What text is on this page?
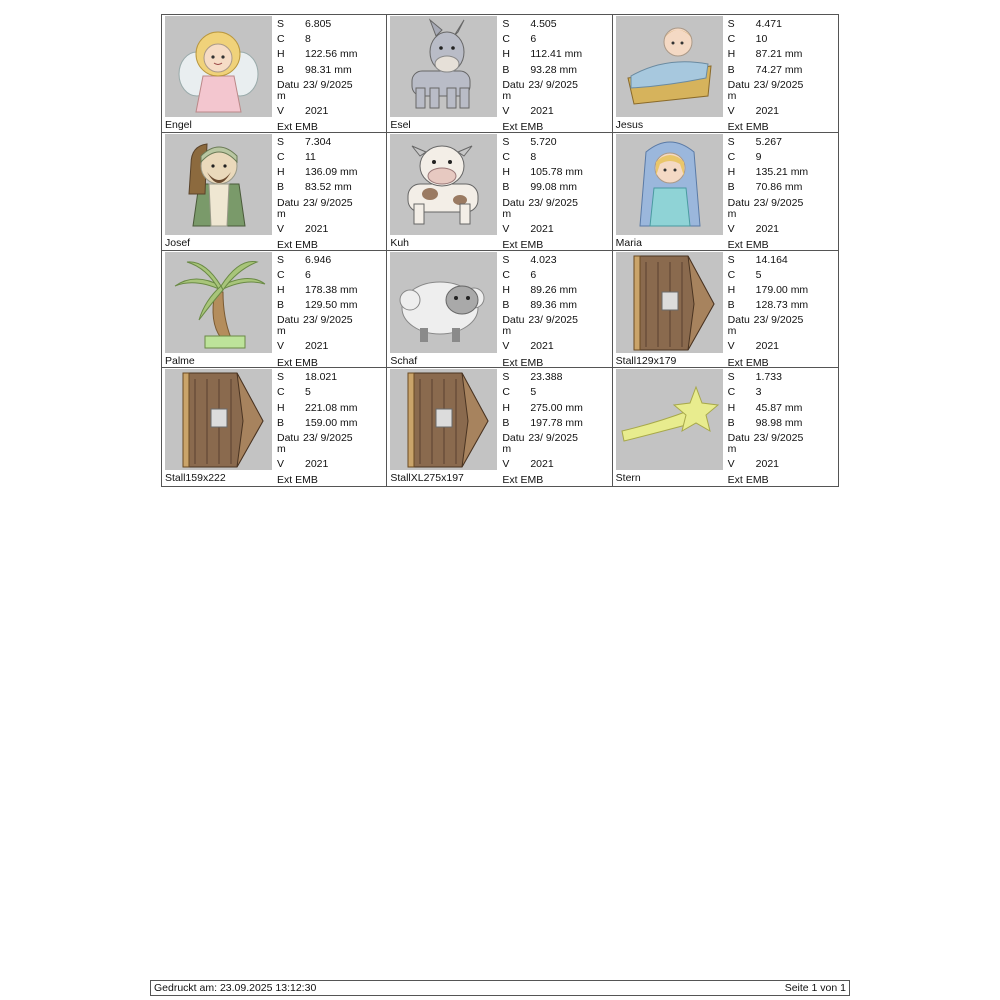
Engel
S	6.805
C	8
H	122.56 mm
B	98.31 mm
Datum
23/ 9/2025
V	2021
Ext EMB	Esel
S	4.505
C	6
H	112.41 mm
B	93.28 mm
Datum
23/ 9/2025
V	2021
Ext EMB	Jesus
S	4.471
C	10
H	87.21 mm
B	74.27 mm
Datum
23/ 9/2025
V	2021
Ext EMB
Josef
S	7.304
C	11
H	136.09 mm
B	83.52 mm
Datum
23/ 9/2025
V	2021
Ext EMB	Kuh
S	5.720
C	8
H	105.78 mm
B	99.08 mm
Datum
23/ 9/2025
V	2021
Ext EMB	Maria
S	5.267
C	9
H	135.21 mm
B	70.86 mm
Datum
23/ 9/2025
V	2021
Ext EMB
Palme
S	6.946
C	6
H	178.38 mm
B	129.50 mm
Datum
23/ 9/2025
V	2021
Ext EMB	Schaf
S	4.023
C	6
H	89.26 mm
B	89.36 mm
Datum
23/ 9/2025
V	2021
Ext EMB	Stall129x179
S	14.164
C	5
H	179.00 mm
B	128.73 mm
Datum
23/ 9/2025
V	2021
Ext EMB
Stall159x222
S	18.021
C	5
H	221.08 mm
B	159.00 mm
Datum
23/ 9/2025
V	2021
Ext EMB	StallXL275x197
S	23.388
C	5
H	275.00 mm
B	197.78 mm
Datum
23/ 9/2025
V	2021
Ext EMB	Stern
S	1.733
C	3
H	45.87 mm
B	98.98 mm
Datum
23/ 9/2025
V	2021
Ext EMB
Gedruckt am: 23.09.2025 13:12:30	Seite 1 von 1
